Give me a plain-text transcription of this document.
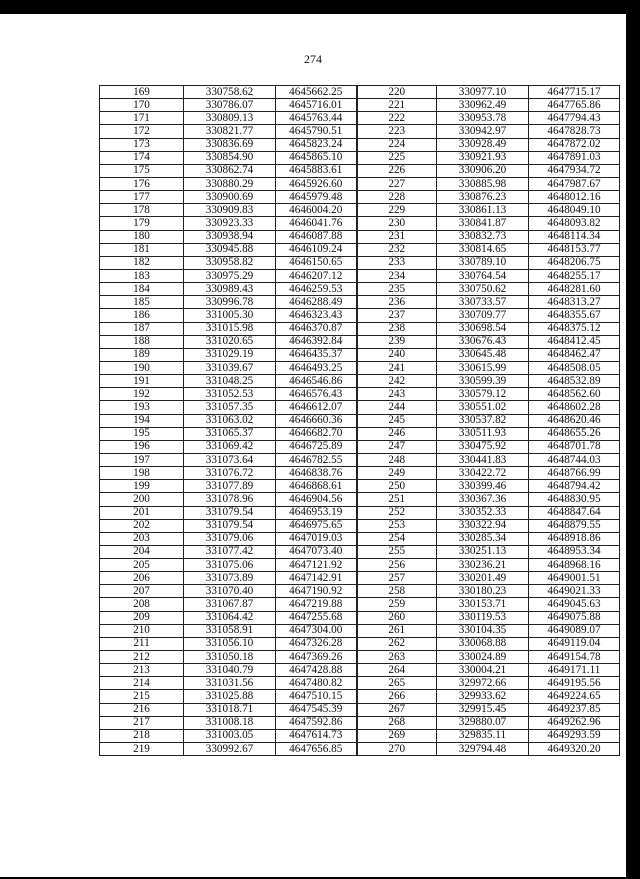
274
169	330758.62	4645662.25	220	330977.10	4647715.17
170	330786.07	4645716.01	221	330962.49	4647765.86
171	330809.13	4645763.44	222	330953.78	4647794.43
172	330821.77	4645790.51	223	330942.97	4647828.73
173	330836.69	4645823.24	224	330928.49	4647872.02
174	330854.90	4645865.10	225	330921.93	4647891.03
175	330862.74	4645883.61	226	330906.20	4647934.72
176	330880.29	4645926.60	227	330885.98	4647987.67
177	330900.69	4645979.48	228	330876.23	4648012.16
178	330909.83	4646004.20	229	330861.13	4648049.10
179	330923.33	4646041.76	230	330841.87	4648093.82
180	330938.94	4646087.88	231	330832.73	4648114.34
181	330945.88	4646109.24	232	330814.65	4648153.77
182	330958.82	4646150.65	233	330789.10	4648206.75
183	330975.29	4646207.12	234	330764.54	4648255.17
184	330989.43	4646259.53	235	330750.62	4648281.60
185	330996.78	4646288.49	236	330733.57	4648313.27
186	331005.30	4646323.43	237	330709.77	4648355.67
187	331015.98	4646370.87	238	330698.54	4648375.12
188	331020.65	4646392.84	239	330676.43	4648412.45
189	331029.19	4646435.37	240	330645.48	4648462.47
190	331039.67	4646493.25	241	330615.99	4648508.05
191	331048.25	4646546.86	242	330599.39	4648532.89
192	331052.53	4646576.43	243	330579.12	4648562.60
193	331057.35	4646612.07	244	330551.02	4648602.28
194	331063.02	4646660.36	245	330537.82	4648620.46
195	331065.37	4646682.70	246	330511.93	4648655.26
196	331069.42	4646725.89	247	330475.92	4648701.78
197	331073.64	4646782.55	248	330441.83	4648744.03
198	331076.72	4646838.76	249	330422.72	4648766.99
199	331077.89	4646868.61	250	330399.46	4648794.42
200	331078.96	4646904.56	251	330367.36	4648830.95
201	331079.54	4646953.19	252	330352.33	4648847.64
202	331079.54	4646975.65	253	330322.94	4648879.55
203	331079.06	4647019.03	254	330285.34	4648918.86
204	331077.42	4647073.40	255	330251.13	4648953.34
205	331075.06	4647121.92	256	330236.21	4648968.16
206	331073.89	4647142.91	257	330201.49	4649001.51
207	331070.40	4647190.92	258	330180.23	4649021.33
208	331067.87	4647219.88	259	330153.71	4649045.63
209	331064.42	4647255.68	260	330119.53	4649075.88
210	331058.91	4647304.00	261	330104.35	4649089.07
211	331056.10	4647326.28	262	330068.88	4649119.04
212	331050.18	4647369.26	263	330024.89	4649154.78
213	331040.79	4647428.88	264	330004.21	4649171.11
214	331031.56	4647480.82	265	329972.66	4649195.56
215	331025.88	4647510.15	266	329933.62	4649224.65
216	331018.71	4647545.39	267	329915.45	4649237.85
217	331008.18	4647592.86	268	329880.07	4649262.96
218	331003.05	4647614.73	269	329835.11	4649293.59
219	330992.67	4647656.85	270	329794.48	4649320.20
